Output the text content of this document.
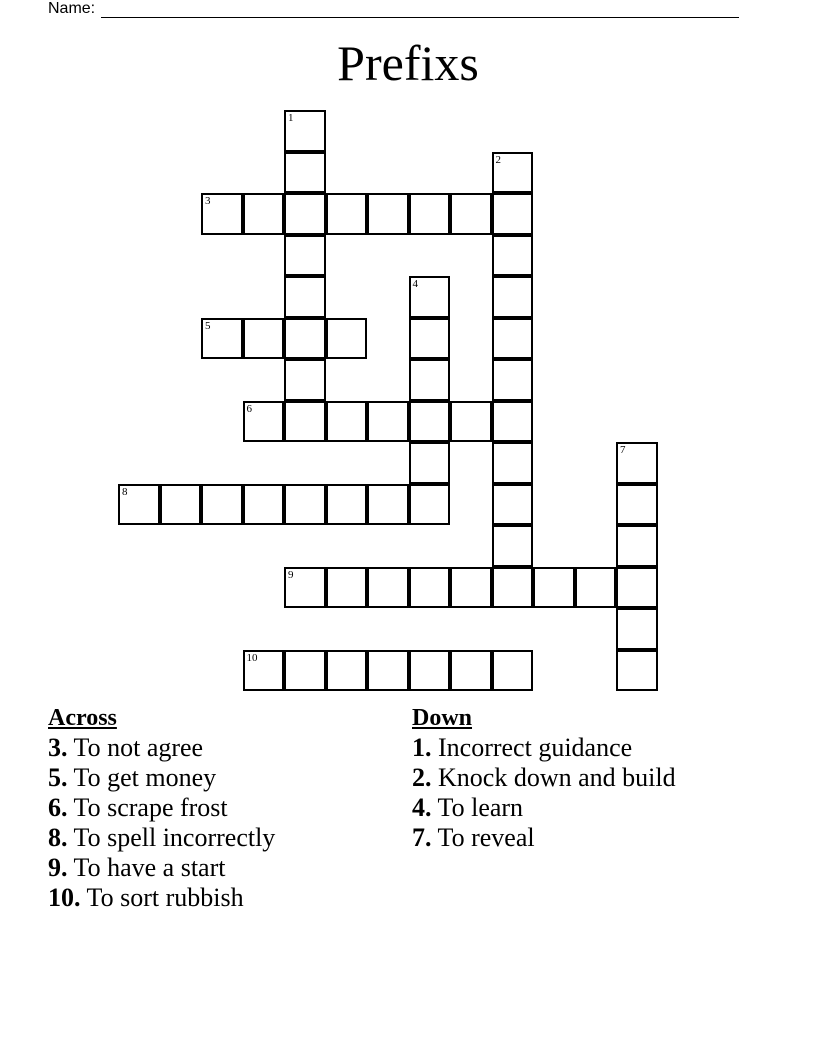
Name:
Prefixs
1
2
3
4
5
6
7
8
9
10
Across
3. To not agree
5. To get money
6. To scrape frost
8. To spell incorrectly
9. To have a start
10. To sort rubbish
Down
1. Incorrect guidance
2. Knock down and build
4. To learn
7. To reveal
